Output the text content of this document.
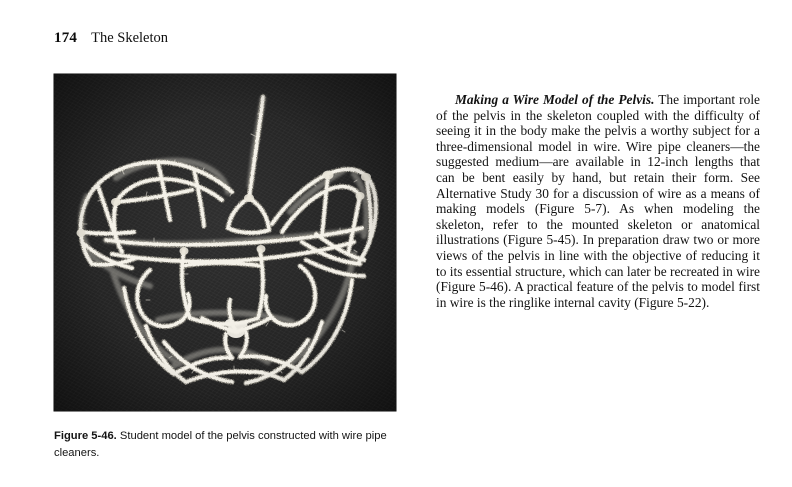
174 The Skeleton
Figure 5-46. Student model of the pelvis constructed with wire pipe cleaners.

Making a Wire Model of the Pelvis. The important role of the pelvis in the skeleton coupled with the difficulty of seeing it in the body make the pelvis a worthy subject for a three-dimensional model in wire. Wire pipe cleaners—the suggested medium—are available in 12-inch lengths that can be bent easily by hand, but retain their form. See Alternative Study 30 for a discussion of wire as a means of making models (Figure 5-7). As when modeling the skeleton, refer to the mounted skeleton or anatomical illustrations (Figure 5-45). In preparation draw two or more views of the pelvis in line with the objective of reducing it to its essential structure, which can later be recreated in wire (Figure 5-46). A practical feature of the pelvis to model first in wire is the ringlike internal cavity (Figure 5-22).
